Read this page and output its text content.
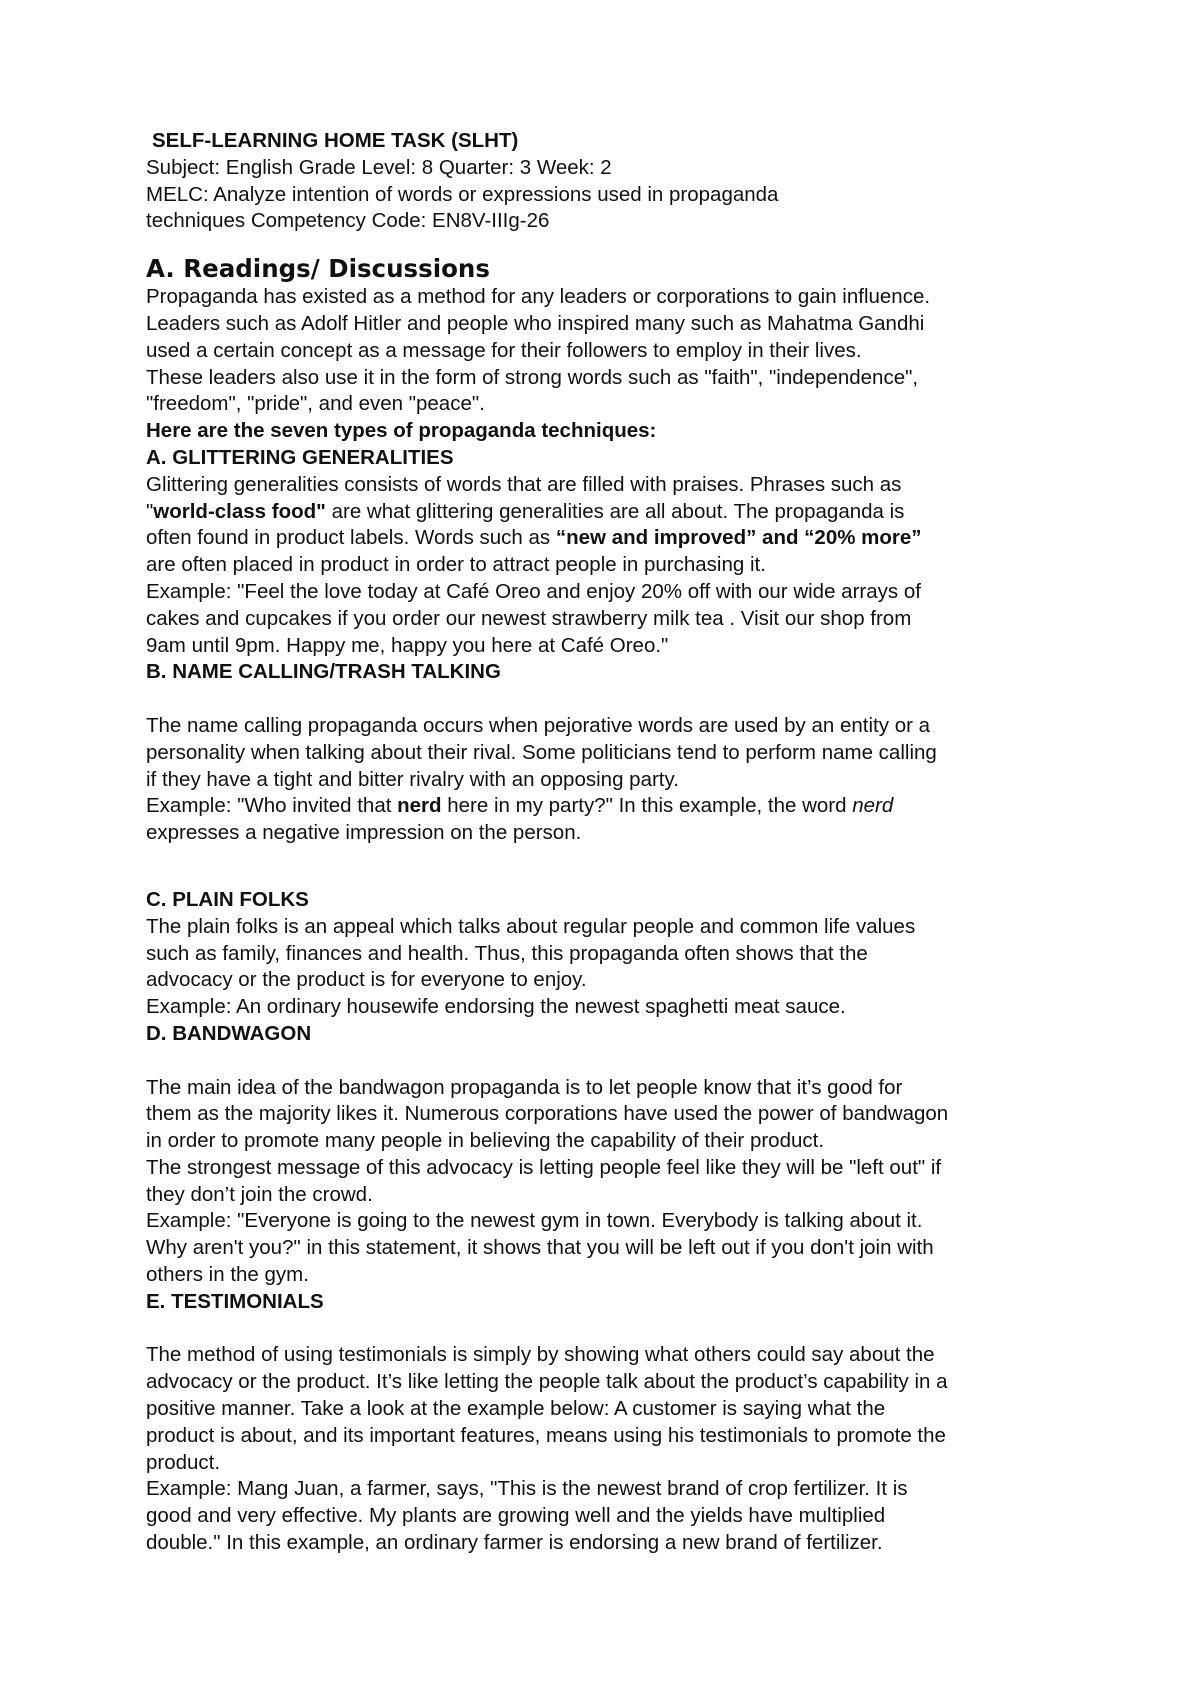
SELF-LEARNING HOME TASK (SLHT)
Subject: English Grade Level: 8 Quarter: 3 Week: 2
MELC: Analyze intention of words or expressions used in propaganda
techniques Competency Code: EN8V-IIIg-26
A. Readings/ Discussions
Propaganda has existed as a method for any leaders or corporations to gain influence.
Leaders such as Adolf Hitler and people who inspired many such as Mahatma Gandhi
used a certain concept as a message for their followers to employ in their lives.
These leaders also use it in the form of strong words such as "faith", "independence",
"freedom", "pride", and even "peace".
Here are the seven types of propaganda techniques:
A. GLITTERING GENERALITIES
Glittering generalities consists of words that are filled with praises. Phrases such as
"world-class food" are what glittering generalities are all about. The propaganda is
often found in product labels. Words such as “new and improved” and “20% more”
are often placed in product in order to attract people in purchasing it.
Example: "Feel the love today at Café Oreo and enjoy 20% off with our wide arrays of
cakes and cupcakes if you order our newest strawberry milk tea . Visit our shop from
9am until 9pm. Happy me, happy you here at Café Oreo."
B. NAME CALLING/TRASH TALKING
The name calling propaganda occurs when pejorative words are used by an entity or a
personality when talking about their rival. Some politicians tend to perform name calling
if they have a tight and bitter rivalry with an opposing party.
Example: "Who invited that nerd here in my party?" In this example, the word nerd
expresses a negative impression on the person.
C. PLAIN FOLKS
The plain folks is an appeal which talks about regular people and common life values
such as family, finances and health. Thus, this propaganda often shows that the
advocacy or the product is for everyone to enjoy.
Example: An ordinary housewife endorsing the newest spaghetti meat sauce.
D. BANDWAGON
The main idea of the bandwagon propaganda is to let people know that it’s good for
them as the majority likes it. Numerous corporations have used the power of bandwagon
in order to promote many people in believing the capability of their product.
The strongest message of this advocacy is letting people feel like they will be "left out" if
they don’t join the crowd.
Example: "Everyone is going to the newest gym in town. Everybody is talking about it.
Why aren't you?" in this statement, it shows that you will be left out if you don't join with
others in the gym.
E. TESTIMONIALS
The method of using testimonials is simply by showing what others could say about the
advocacy or the product. It’s like letting the people talk about the product’s capability in a
positive manner. Take a look at the example below: A customer is saying what the
product is about, and its important features, means using his testimonials to promote the
product.
Example: Mang Juan, a farmer, says, "This is the newest brand of crop fertilizer. It is
good and very effective. My plants are growing well and the yields have multiplied
double." In this example, an ordinary farmer is endorsing a new brand of fertilizer.
